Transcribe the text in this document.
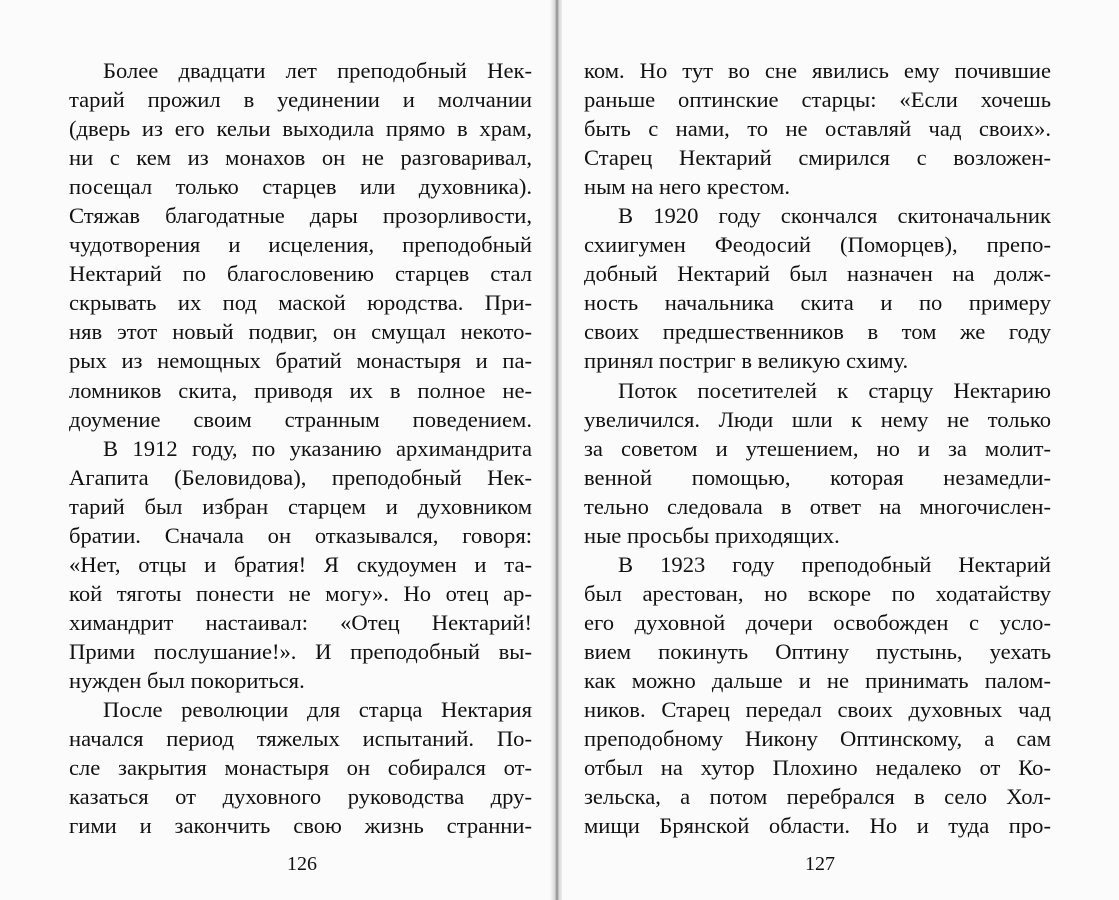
Более двадцати лет преподобный Нек-
тарий прожил в уединении и молчании
(дверь из его кельи выходила прямо в храм,
ни с кем из монахов он не разговаривал,
посещал только старцев или духовника).
Стяжав благодатные дары прозорливости,
чудотворения и исцеления, преподобный
Нектарий по благословению старцев стал
скрывать их под маской юродства. При-
няв этот новый подвиг, он смущал некото-
рых из немощных братий монастыря и па-
ломников скита, приводя их в полное не-
доумение своим странным поведением.
В 1912 году, по указанию архимандрита
Агапита (Беловидова), преподобный Нек-
тарий был избран старцем и духовником
братии. Сначала он отказывался, говоря:
«Нет, отцы и братия! Я скудоумен и та-
кой тяготы понести не могу». Но отец ар-
химандрит настаивал: «Отец Нектарий!
Прими послушание!». И преподобный вы-
нужден был покориться.
После революции для старца Нектария
начался период тяжелых испытаний. По-
сле закрытия монастыря он собирался от-
казаться от духовного руководства дру-
гими и закончить свою жизнь странни-
126
ком. Но тут во сне явились ему почившие
раньше оптинские старцы: «Если хочешь
быть с нами, то не оставляй чад своих».
Старец Нектарий смирился с возложен-
ным на него крестом.
В 1920 году скончался скитоначальник
схиигумен Феодосий (Поморцев), препо-
добный Нектарий был назначен на долж-
ность начальника скита и по примеру
своих предшественников в том же году
принял постриг в великую схиму.
Поток посетителей к старцу Нектарию
увеличился. Люди шли к нему не только
за советом и утешением, но и за молит-
венной помощью, которая незамедли-
тельно следовала в ответ на многочислен-
ные просьбы приходящих.
В 1923 году преподобный Нектарий
был арестован, но вскоре по ходатайству
его духовной дочери освобожден с усло-
вием покинуть Оптину пустынь, уехать
как можно дальше и не принимать палом-
ников. Старец передал своих духовных чад
преподобному Никону Оптинскому, а сам
отбыл на хутор Плохино недалеко от Ко-
зельска, а потом перебрался в село Хол-
мищи Брянской области. Но и туда про-
127
